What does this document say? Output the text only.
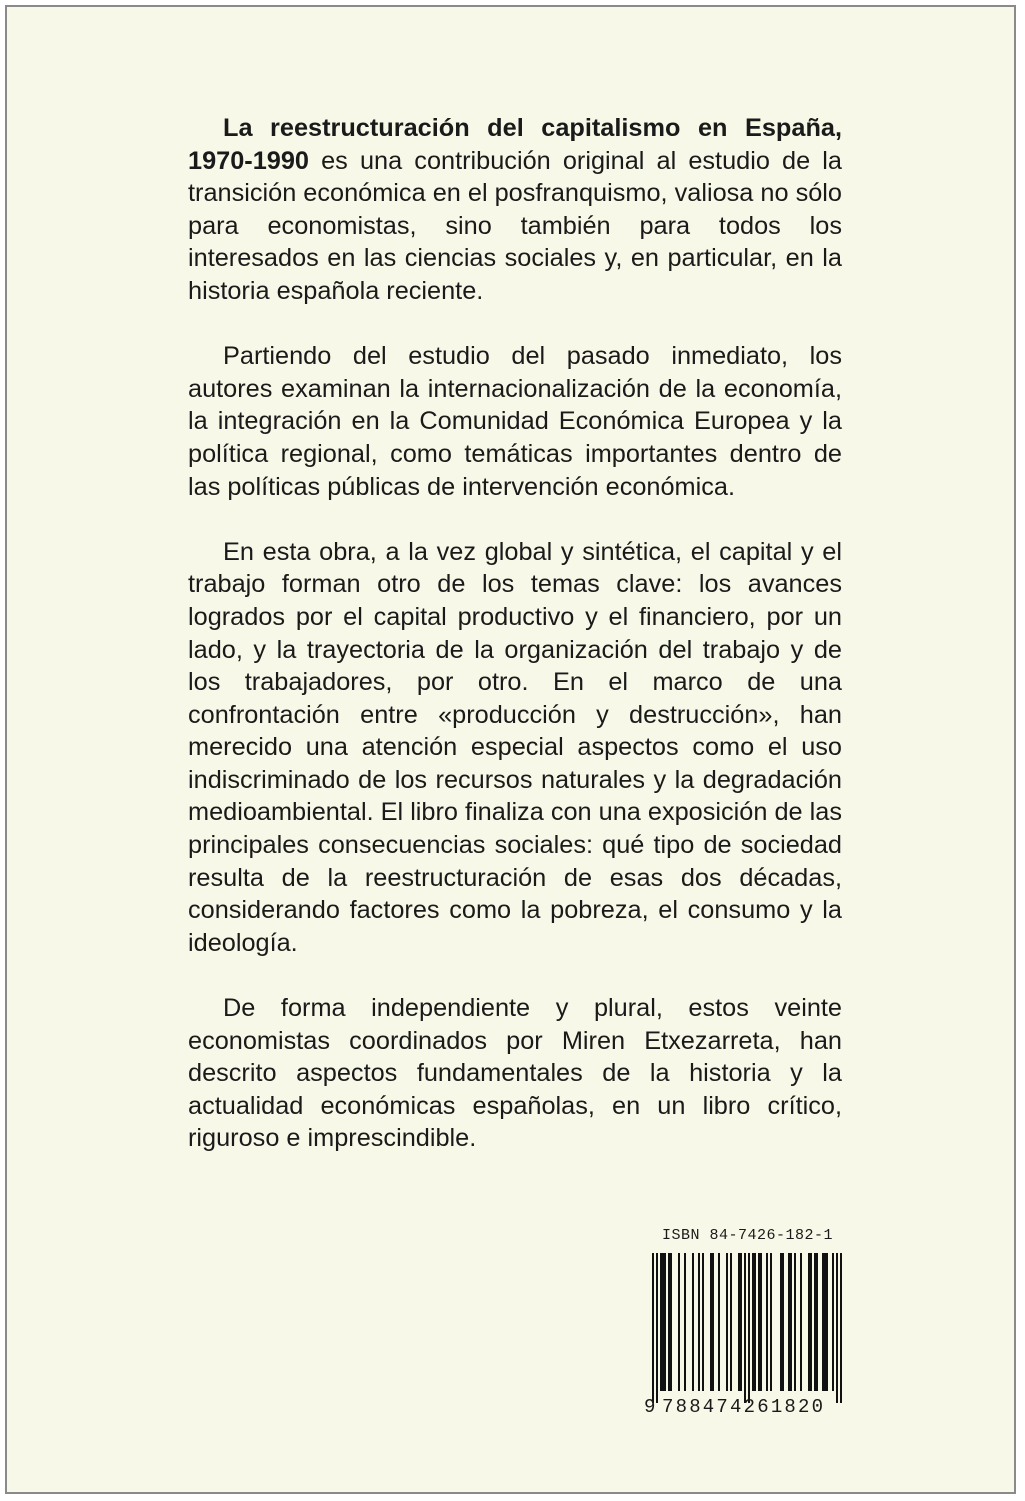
La reestructuración del capitalismo en España, 1970-1990 es una contribución original al estudio de la transición económica en el posfranquismo, valiosa no sólo para economistas, sino también para todos los interesados en las ciencias sociales y, en particular, en la historia española reciente.

Partiendo del estudio del pasado inmediato, los autores examinan la internacionalización de la economía, la integración en la Comunidad Económica Europea y la política regional, como temáticas importantes dentro de las políticas públicas de intervención económica.

En esta obra, a la vez global y sintética, el capital y el trabajo forman otro de los temas clave: los avances logrados por el capital productivo y el financiero, por un lado, y la trayectoria de la organización del trabajo y de los trabajadores, por otro. En el marco de una confrontación entre «producción y destrucción», han merecido una atención especial aspectos como el uso indiscriminado de los recursos naturales y la degradación medioambiental. El libro finaliza con una exposición de las principales consecuencias sociales: qué tipo de sociedad resulta de la reestructuración de esas dos décadas, considerando factores como la pobreza, el consumo y la ideología.

De forma independiente y plural, estos veinte economistas coordinados por Miren Etxezarreta, han descrito aspectos fundamentales de la historia y la actualidad económicas españolas, en un libro crítico, riguroso e imprescindible.

ISBN 84-7426-182-1
9 788474261820
